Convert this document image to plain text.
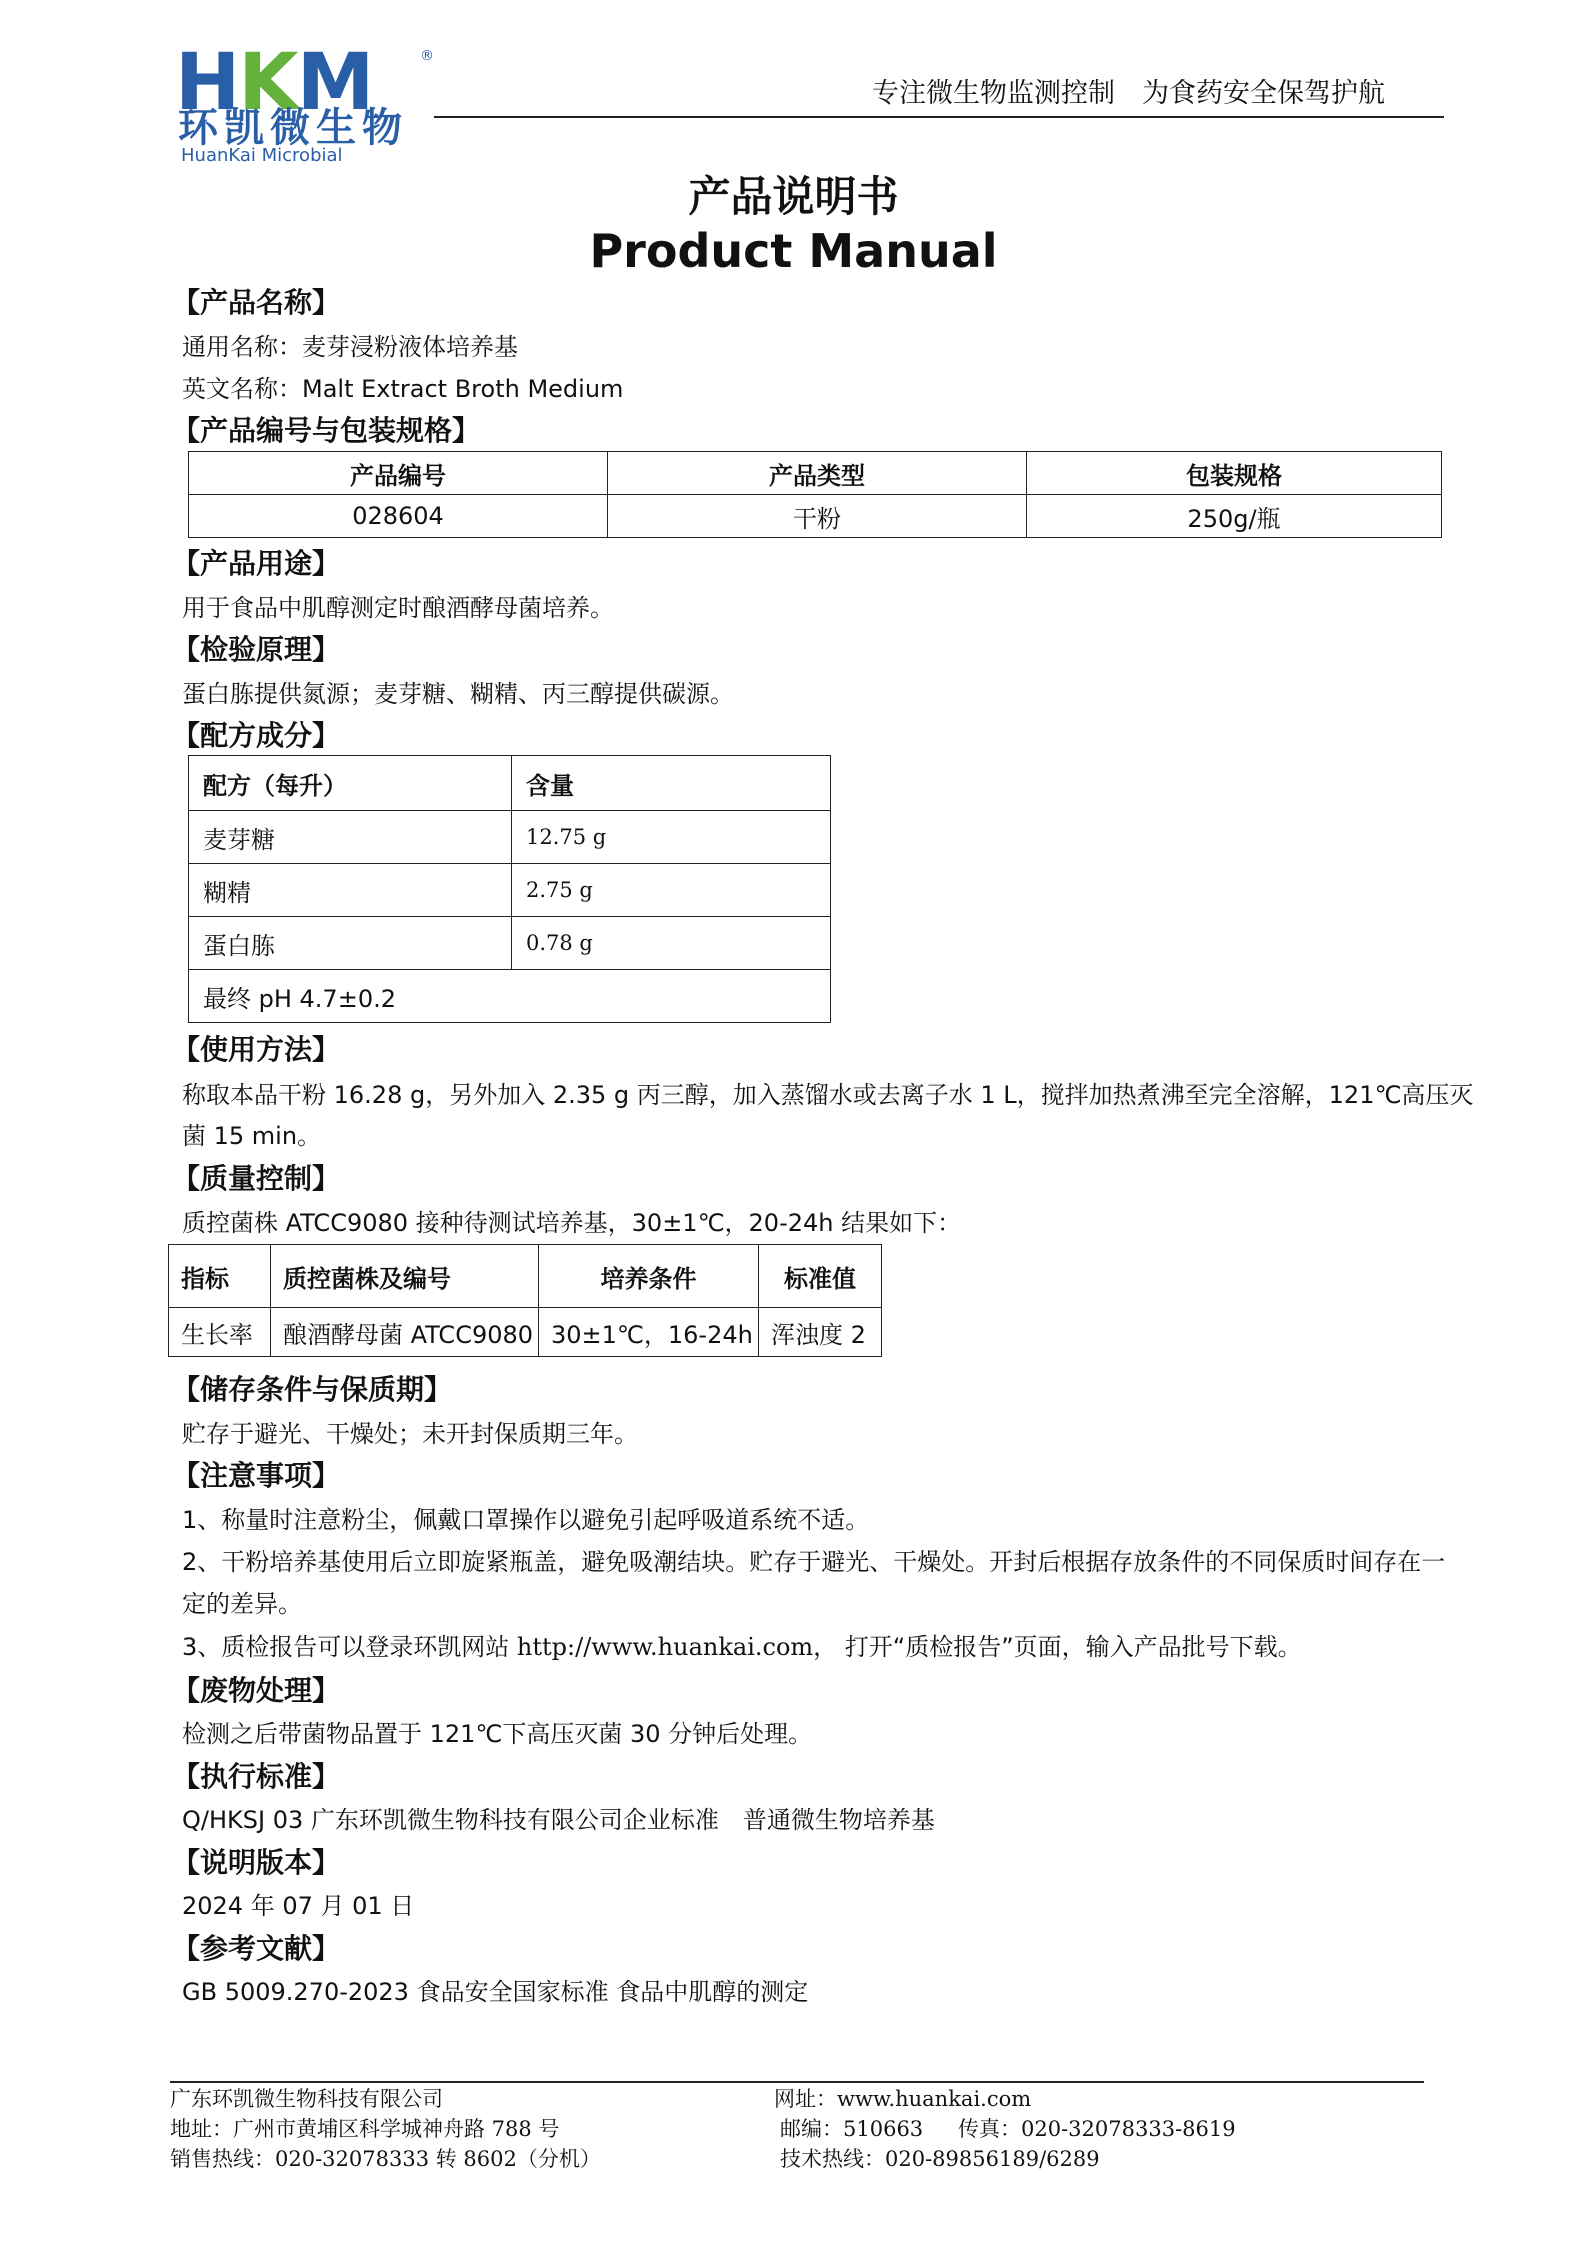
HKM	®
环凯微生物
HuanKai Microbial
专注微生物监测控制　为食药安全保驾护航
产品说明书
Product Manual
【产品名称】
通用名称：麦芽浸粉液体培养基
英文名称：Malt Extract Broth Medium
【产品编号与包装规格】
产品编号	产品类型	包装规格
028604	干粉	250g/瓶
【产品用途】
用于食品中肌醇测定时酿酒酵母菌培养。
【检验原理】
蛋白胨提供氮源；麦芽糖、糊精、丙三醇提供碳源。
【配方成分】
配方（每升）	含量
麦芽糖	12.75 g
糊精	2.75 g
蛋白胨	0.78 g
最终 pH 4.7±0.2	
【使用方法】
称取本品干粉 16.28 g，另外加入 2.35 g 丙三醇，加入蒸馏水或去离子水 1 L，搅拌加热煮沸至完全溶解，121℃高压灭
菌 15 min。
【质量控制】
质控菌株 ATCC9080 接种待测试培养基，30±1℃，20-24h 结果如下：
指标	质控菌株及编号	培养条件	标准值
生长率	酿酒酵母菌 ATCC9080	30±1℃，16-24h	浑浊度 2
【储存条件与保质期】
贮存于避光、干燥处；未开封保质期三年。
【注意事项】
1、称量时注意粉尘，佩戴口罩操作以避免引起呼吸道系统不适。
2、干粉培养基使用后立即旋紧瓶盖，避免吸潮结块。贮存于避光、干燥处。开封后根据存放条件的不同保质时间存在一
定的差异。
3、质检报告可以登录环凯网站 http://www.huankai.com， 打开“质检报告”页面，输入产品批号下载。
【废物处理】
检测之后带菌物品置于 121℃下高压灭菌 30 分钟后处理。
【执行标准】
Q/HKSJ 03 广东环凯微生物科技有限公司企业标准　普通微生物培养基
【说明版本】
2024 年 07 月 01 日
【参考文献】
GB 5009.270-2023 食品安全国家标准 食品中肌醇的测定
广东环凯微生物科技有限公司
地址：广州市黄埔区科学城神舟路 788 号
销售热线：020-32078333 转 8602（分机）
网址：www.huankai.com
邮编：510663 传真：020-32078333-8619
技术热线：020-89856189/6289
